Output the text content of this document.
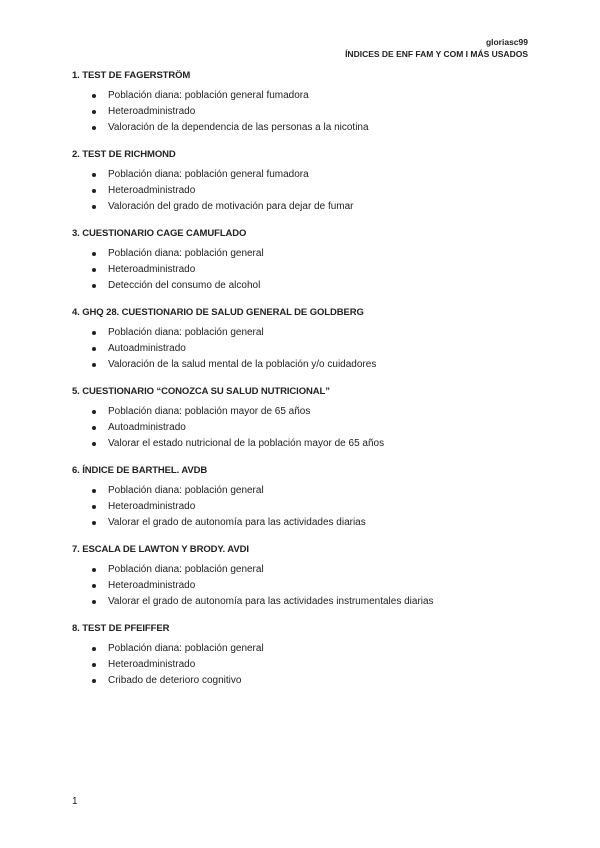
gloriasc99
ÍNDICES DE ENF FAM Y COM I MÁS USADOS
1. TEST DE FAGERSTRÖM
Población diana: población general fumadora
Heteroadministrado
Valoración de la dependencia de las personas a la nicotina
2. TEST DE RICHMOND
Población diana: población general fumadora
Heteroadministrado
Valoración del grado de motivación para dejar de fumar
3. CUESTIONARIO CAGE CAMUFLADO
Población diana: población general
Heteroadministrado
Detección del consumo de alcohol
4. GHQ 28. CUESTIONARIO DE SALUD GENERAL DE GOLDBERG
Población diana: población general
Autoadministrado
Valoración de la salud mental de la población y/o cuidadores
5. CUESTIONARIO “CONOZCA SU SALUD NUTRICIONAL”
Población diana: población mayor de 65 años
Autoadministrado
Valorar el estado nutricional de la población mayor de 65 años
6. ÍNDICE DE BARTHEL. AVDB
Población diana: población general
Heteroadministrado
Valorar el grado de autonomía para las actividades diarias
7. ESCALA DE LAWTON Y BRODY. AVDI
Población diana: población general
Heteroadministrado
Valorar el grado de autonomía para las actividades instrumentales diarias
8. TEST DE PFEIFFER
Población diana: población general
Heteroadministrado
Cribado de deterioro cognitivo
1
